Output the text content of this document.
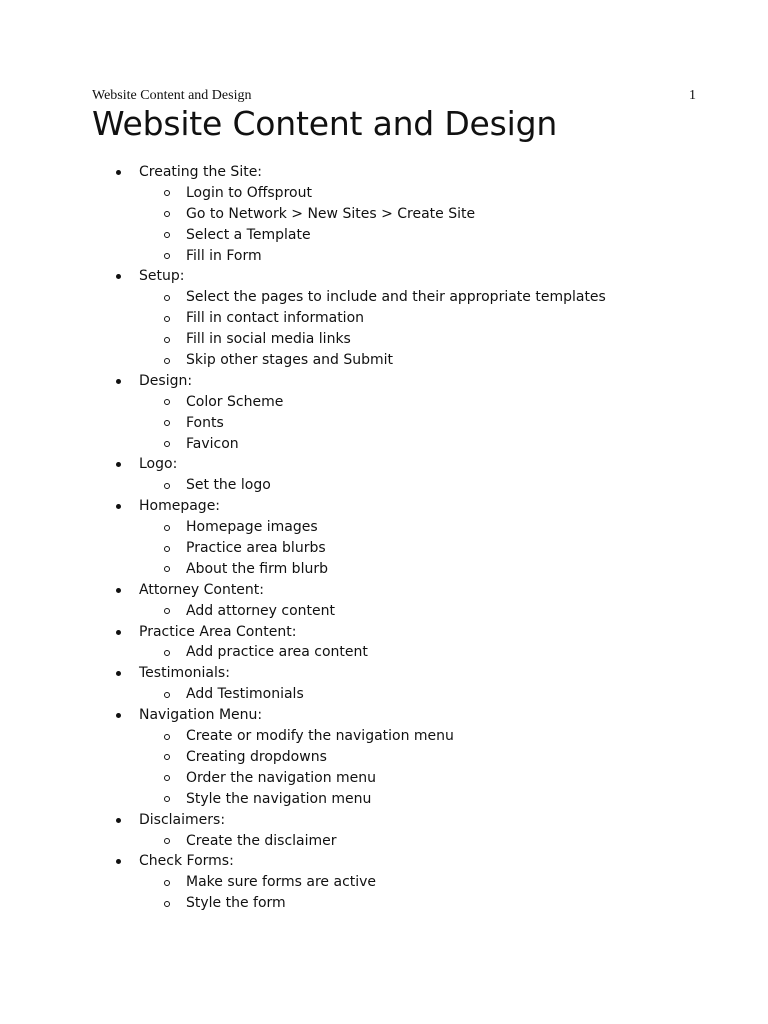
Website Content and Design	1
Website Content and Design
Creating the Site:
Login to Offsprout
Go to Network > New Sites > Create Site
Select a Template
Fill in Form
Setup:
Select the pages to include and their appropriate templates
Fill in contact information
Fill in social media links
Skip other stages and Submit
Design:
Color Scheme
Fonts
Favicon
Logo:
Set the logo
Homepage:
Homepage images
Practice area blurbs
About the firm blurb
Attorney Content:
Add attorney content
Practice Area Content:
Add practice area content
Testimonials:
Add Testimonials
Navigation Menu:
Create or modify the navigation menu
Creating dropdowns
Order the navigation menu
Style the navigation menu
Disclaimers:
Create the disclaimer
Check Forms:
Make sure forms are active
Style the form
